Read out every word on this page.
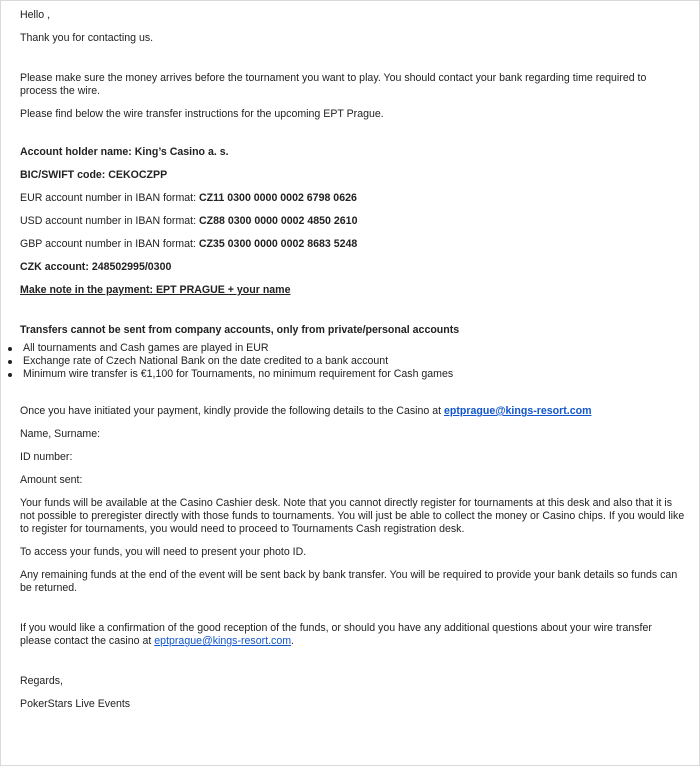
Hello ,

Thank you for contacting us.

Please make sure the money arrives before the tournament you want to play. You should contact your bank regarding time required to process the wire.

Please find below the wire transfer instructions for the upcoming EPT Prague.

Account holder name: King’s Casino a. s.

BIC/SWIFT code: CEKOCZPP

EUR account number in IBAN format: CZ11 0300 0000 0002 6798 0626

USD account number in IBAN format: CZ88 0300 0000 0002 4850 2610

GBP account number in IBAN format: CZ35 0300 0000 0002 8683 5248

CZK account: 248502995/0300

Make note in the payment: EPT PRAGUE + your name

Transfers cannot be sent from company accounts, only from private/personal accounts

All tournaments and Cash games are played in EUR
Exchange rate of Czech National Bank on the date credited to a bank account
Minimum wire transfer is €1,100 for Tournaments, no minimum requirement for Cash games

Once you have initiated your payment, kindly provide the following details to the Casino at eptprague@kings-resort.com

Name, Surname:

ID number:

Amount sent:

Your funds will be available at the Casino Cashier desk. Note that you cannot directly register for tournaments at this desk and also that it is not possible to preregister directly with those funds to tournaments. You will just be able to collect the money or Casino chips. If you would like to register for tournaments, you would need to proceed to Tournaments Cash registration desk.

To access your funds, you will need to present your photo ID.

Any remaining funds at the end of the event will be sent back by bank transfer. You will be required to provide your bank details so funds can be returned.

If you would like a confirmation of the good reception of the funds, or should you have any additional questions about your wire transfer please contact the casino at eptprague@kings-resort.com.

Regards,

PokerStars Live Events
